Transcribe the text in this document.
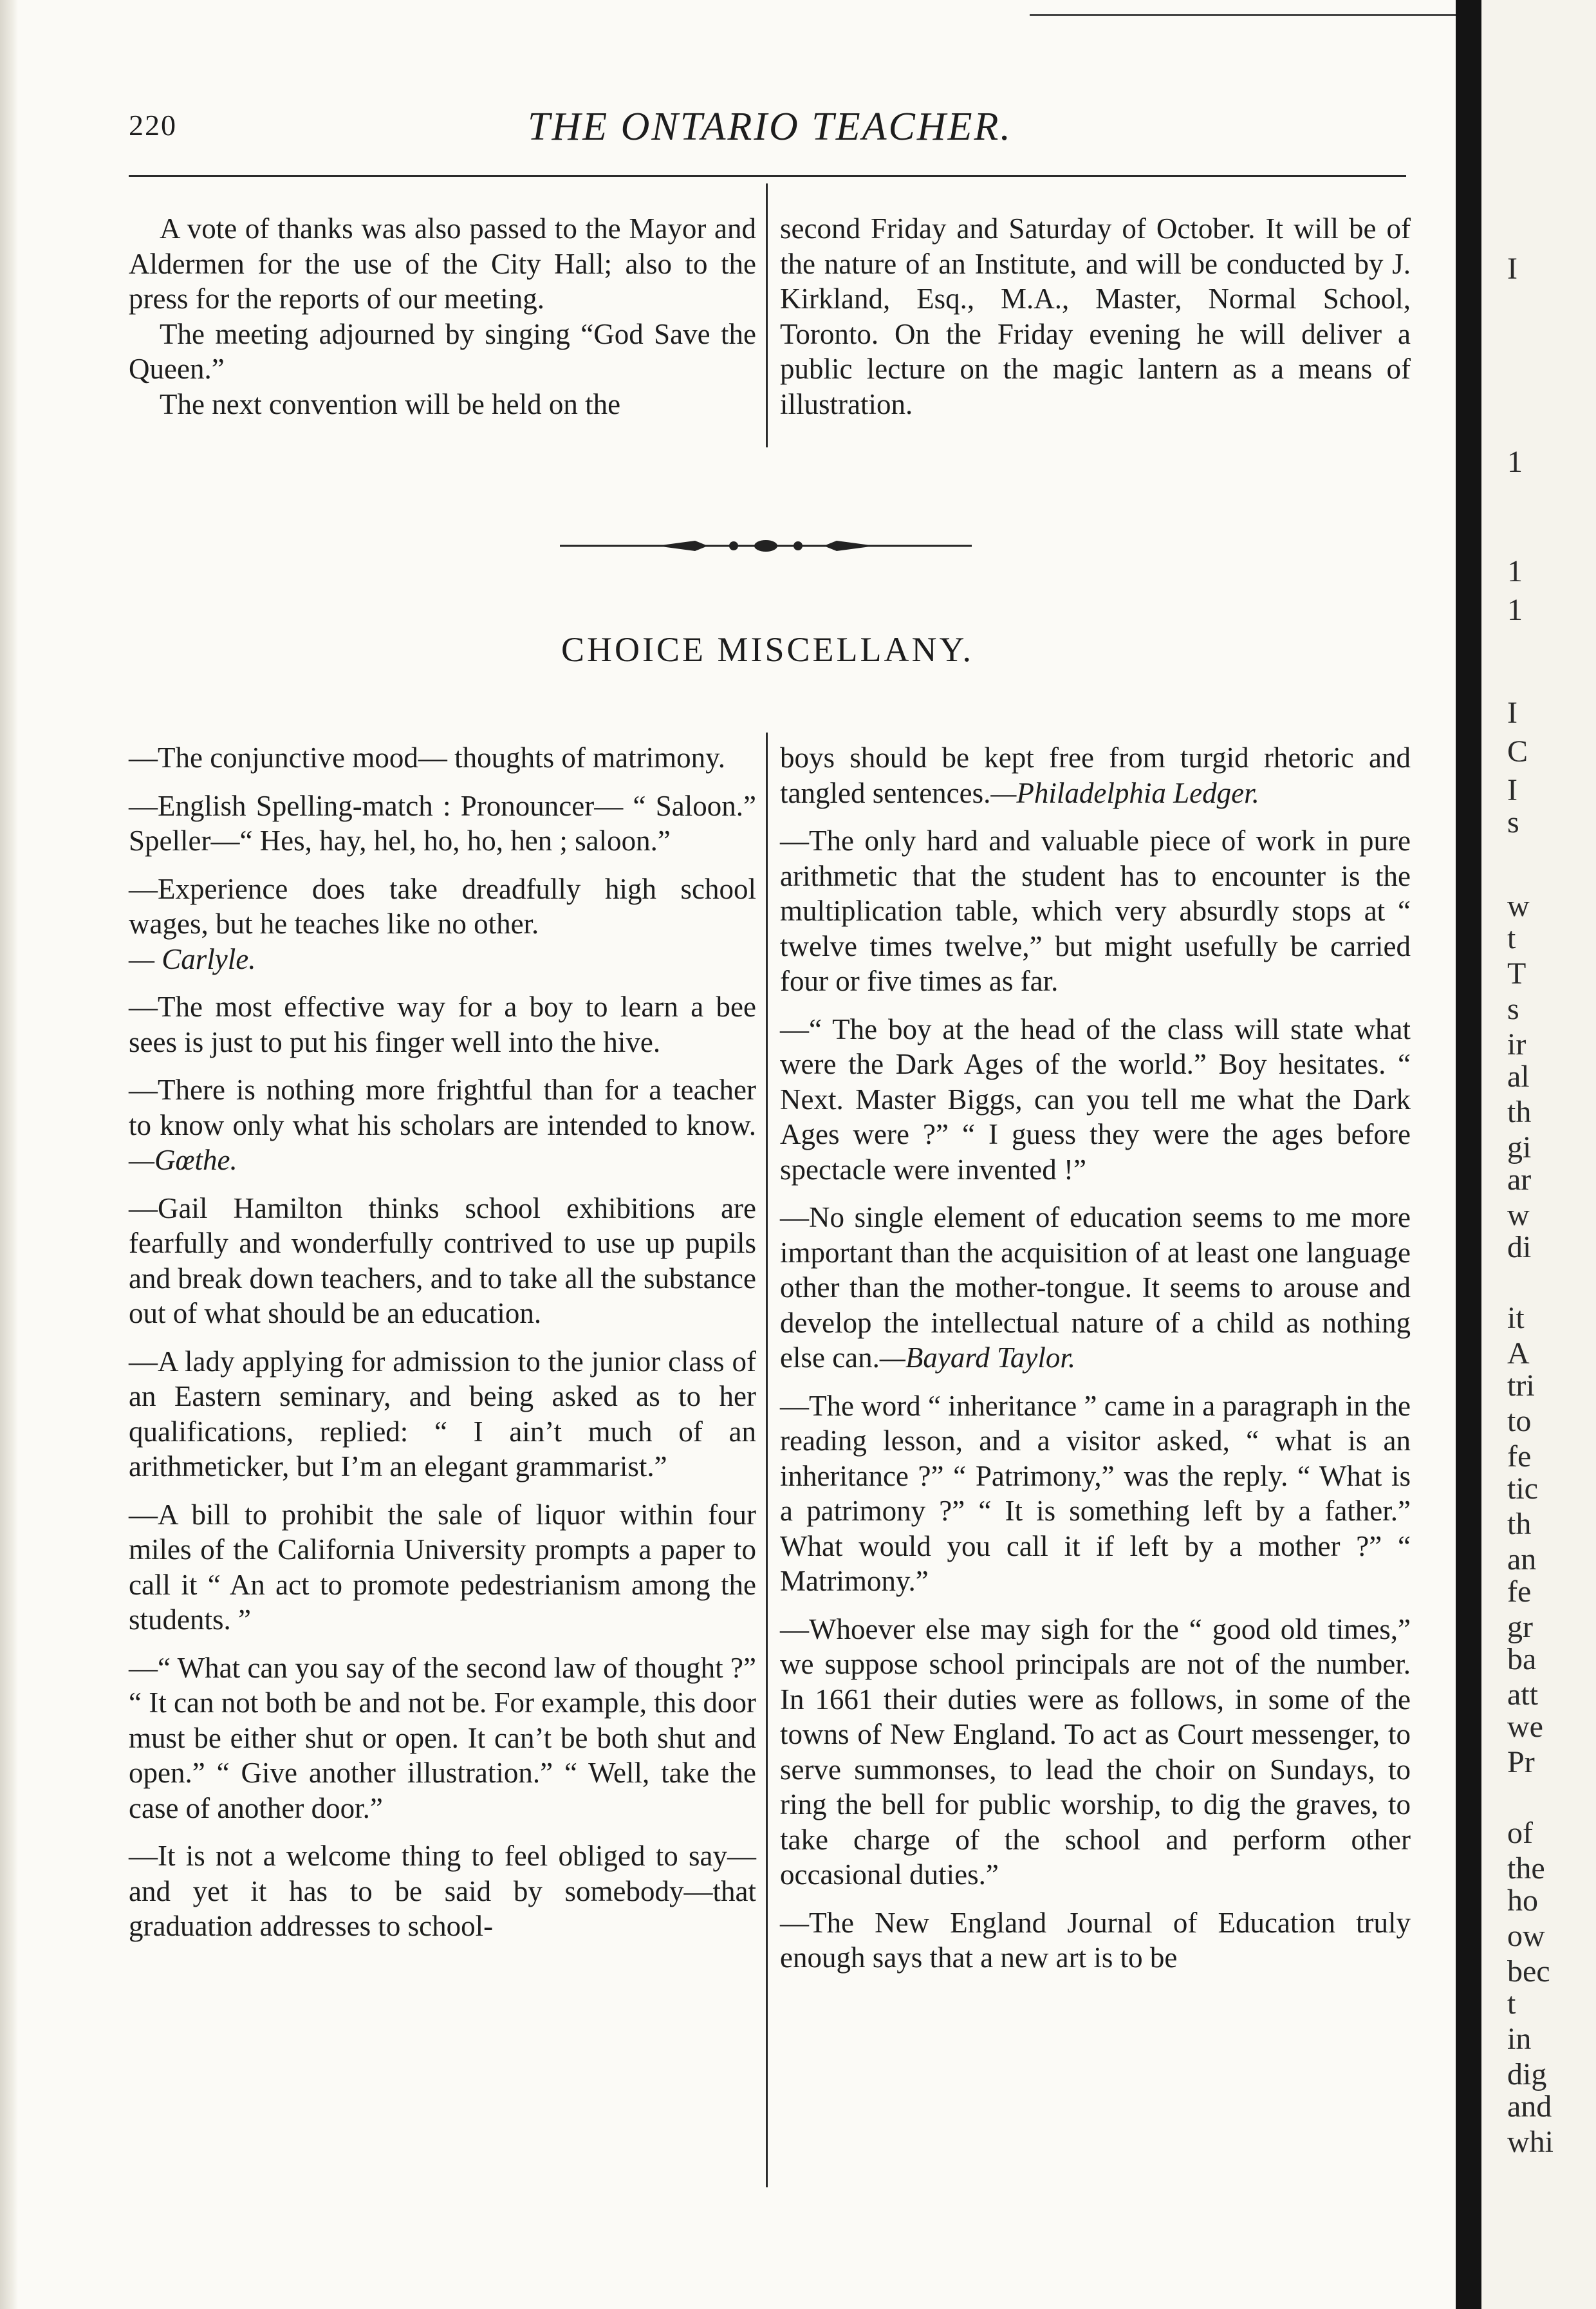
220	THE ONTARIO TEACHER.

A vote of thanks was also passed to the Mayor and Aldermen for the use of the City Hall; also to the press for the reports of our meeting.

The meeting adjourned by singing “God Save the Queen.”

The next convention will be held on the

second Friday and Saturday of October. It will be of the nature of an Institute, and will be conducted by J. Kirkland, Esq., M.A., Master, Normal School, Toronto. On the Friday evening he will deliver a public lecture on the magic lantern as a means of illustration.

CHOICE MISCELLANY.

—The conjunctive mood— thoughts of matrimony.

—English Spelling-match : Pronouncer— “ Saloon.” Speller—“ Hes, hay, hel, ho, ho, hen ; saloon.”

—Experience does take dreadfully high school wages, but he teaches like no other.
— Carlyle.

—The most effective way for a boy to learn a bee sees is just to put his finger well into the hive.

—There is nothing more frightful than for a teacher to know only what his scholars are intended to know.—Gœthe.

—Gail Hamilton thinks school exhibitions are fearfully and wonderfully contrived to use up pupils and break down teachers, and to take all the substance out of what should be an education.

—A lady applying for admission to the junior class of an Eastern seminary, and being asked as to her qualifications, replied: “ I ain’t much of an arithmeticker, but I’m an elegant grammarist.”

—A bill to prohibit the sale of liquor within four miles of the California University prompts a paper to call it “ An act to promote pedestrianism among the students. ”

—“ What can you say of the second law of thought ?” “ It can not both be and not be. For example, this door must be either shut or open. It can’t be both shut and open.” “ Give another illustration.” “ Well, take the case of another door.”

—It is not a welcome thing to feel obliged to say—and yet it has to be said by somebody—that graduation addresses to school-

boys should be kept free from turgid rhetoric and tangled sentences.—Philadelphia Ledger.

—The only hard and valuable piece of work in pure arithmetic that the student has to encounter is the multiplication table, which very absurdly stops at “ twelve times twelve,” but might usefully be carried four or five times as far.

—“ The boy at the head of the class will state what were the Dark Ages of the world.” Boy hesitates. “ Next. Master Biggs, can you tell me what the Dark Ages were ?” “ I guess they were the ages before spectacle were invented !”

—No single element of education seems to me more important than the acquisition of at least one language other than the mother-tongue. It seems to arouse and develop the intellectual nature of a child as nothing else can.—Bayard Taylor.

—The word “ inheritance ” came in a paragraph in the reading lesson, and a visitor asked, “ what is an inheritance ?” “ Patrimony,” was the reply. “ What is a patrimony ?” “ It is something left by a father.” What would you call it if left by a mother ?” “ Matrimony.”

—Whoever else may sigh for the “ good old times,” we suppose school principals are not of the number. In 1661 their duties were as follows, in some of the towns of New England. To act as Court messenger, to serve summonses, to lead the choir on Sundays, to ring the bell for public worship, to dig the graves, to take charge of the school and perform other occasional duties.”

—The New England Journal of Education truly enough says that a new art is to be

I
1
1
1
I
C
I
s
w
t
T
s
ir
al
th
gi
ar
w
di
it
A
tri
to
fe
tic
th
an
fe
gr
ba
att
we
Pr
of
the
ho
ow
bec
t
in
dig
and
whi
